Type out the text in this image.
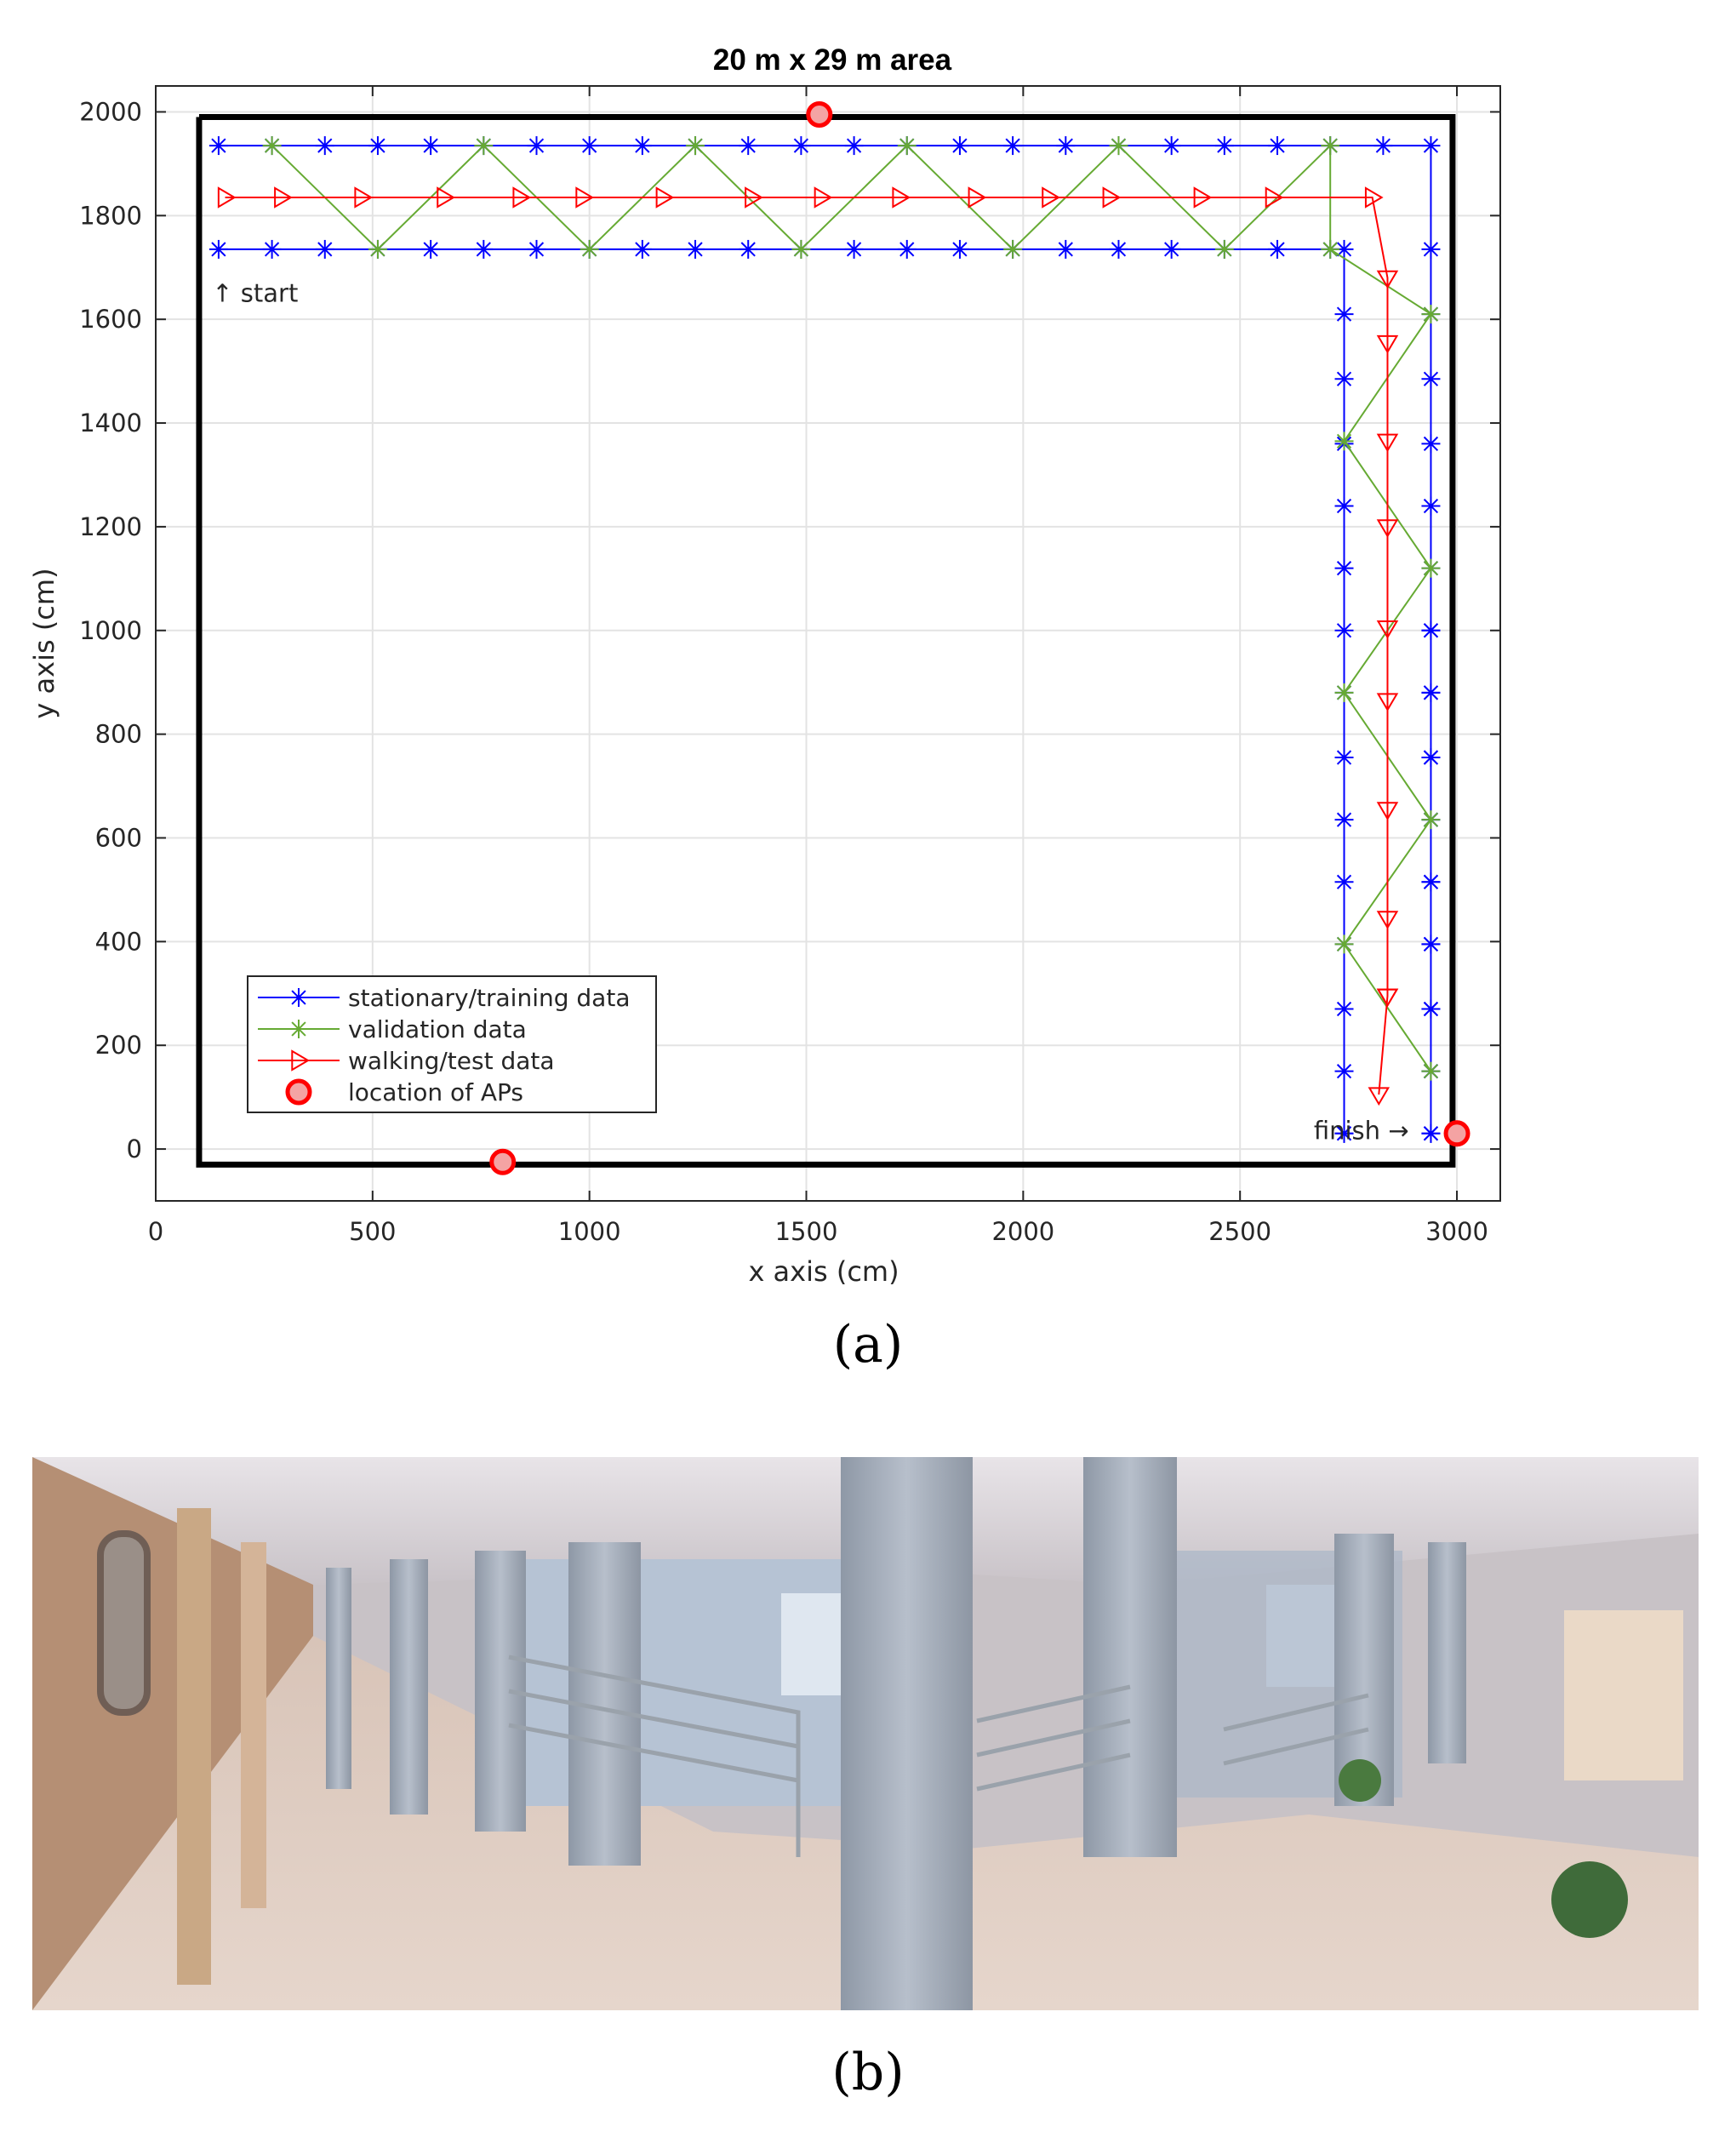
0	500	1000	1500	2000	2500	3000
0
200
400
600
800
1000
1200
1400
1600
1800
2000
20 m x 29 m area
x axis (cm)
y axis (cm)
↑ start
finish →
stationary/training data
validation data
walking/test data
location of APs
(a)
(b)
